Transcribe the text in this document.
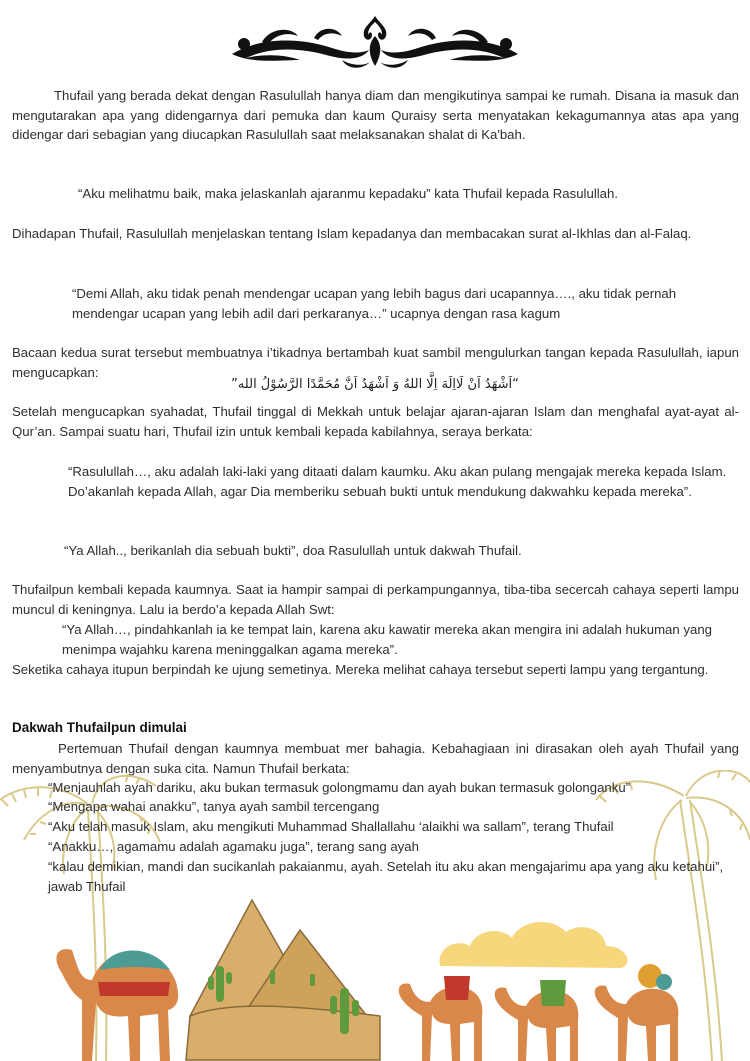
Thufail yang berada dekat dengan Rasulullah hanya diam dan mengikutinya sampai ke rumah. Disana ia masuk dan mengutarakan apa yang didengarnya dari pemuka dan kaum Quraisy serta menyatakan kekagumannya atas apa yang didengar dari sebagian yang diucapkan Rasulullah saat melaksanakan shalat di Ka'bah.

“Aku melihatmu baik, maka jelaskanlah ajaranmu kepadaku” kata Thufail kepada Rasulullah.

Dihadapan Thufail, Rasulullah menjelaskan tentang Islam kepadanya dan membacakan surat al-Ikhlas dan al-Falaq.

“Demi Allah, aku tidak penah mendengar ucapan yang lebih bagus dari ucapannya…., aku tidak pernah mendengar ucapan yang lebih adil dari perkaranya…” ucapnya dengan rasa kagum

Bacaan kedua surat tersebut membuatnya i’tikadnya bertambah kuat sambil mengulurkan tangan kepada Rasulullah, iapun mengucapkan:

“اَشْهَدُ اَنْ لَااِلَهَ اِلَّا اللهُ وَ اَشْهَدُ اَنَّ مُحَمَّدًا الرَّسُوْلُ الله”

Setelah mengucapkan syahadat, Thufail tinggal di Mekkah untuk belajar ajaran-ajaran Islam dan menghafal ayat-ayat al-Qur’an. Sampai suatu hari, Thufail izin untuk kembali kepada kabilahnya, seraya berkata:

“Rasulullah…, aku adalah laki-laki yang ditaati dalam kaumku. Aku akan pulang mengajak mereka kepada Islam. Do’akanlah kepada Allah, agar Dia memberiku sebuah bukti untuk mendukung dakwahku kepada mereka”.

“Ya Allah.., berikanlah dia sebuah bukti”, doa Rasulullah untuk dakwah Thufail.

Thufailpun kembali kepada kaumnya. Saat ia hampir sampai di perkampungannya, tiba-tiba secercah cahaya seperti lampu muncul di keningnya. Lalu ia berdo’a kepada Allah Swt:

“Ya Allah…, pindahkanlah ia ke tempat lain, karena aku kawatir mereka akan mengira ini adalah hukuman yang menimpa wajahku karena meninggalkan agama mereka”.

Seketika cahaya itupun berpindah ke ujung semetinya. Mereka melihat cahaya tersebut seperti lampu yang tergantung.

Dakwah Thufailpun dimulai

Pertemuan Thufail dengan kaumnya membuat mer bahagia. Kebahagiaan ini dirasakan oleh ayah Thufail yang menyambutnya dengan suka cita. Namun Thufail berkata:

“Menjauhlah ayah dariku, aku bukan termasuk golongmamu dan ayah bukan termasuk golonganku”

“Mengapa wahai anakku”, tanya ayah sambil tercengang

“Aku telah masuk Islam, aku mengikuti Muhammad Shallallahu ‘alaikhi wa sallam”, terang Thufail

“Anakku…, agamamu adalah agamaku juga”, terang sang ayah

“kalau demikian, mandi dan sucikanlah pakaianmu, ayah. Setelah itu aku akan mengajarimu apa yang aku ketahui”, jawab Thufail
